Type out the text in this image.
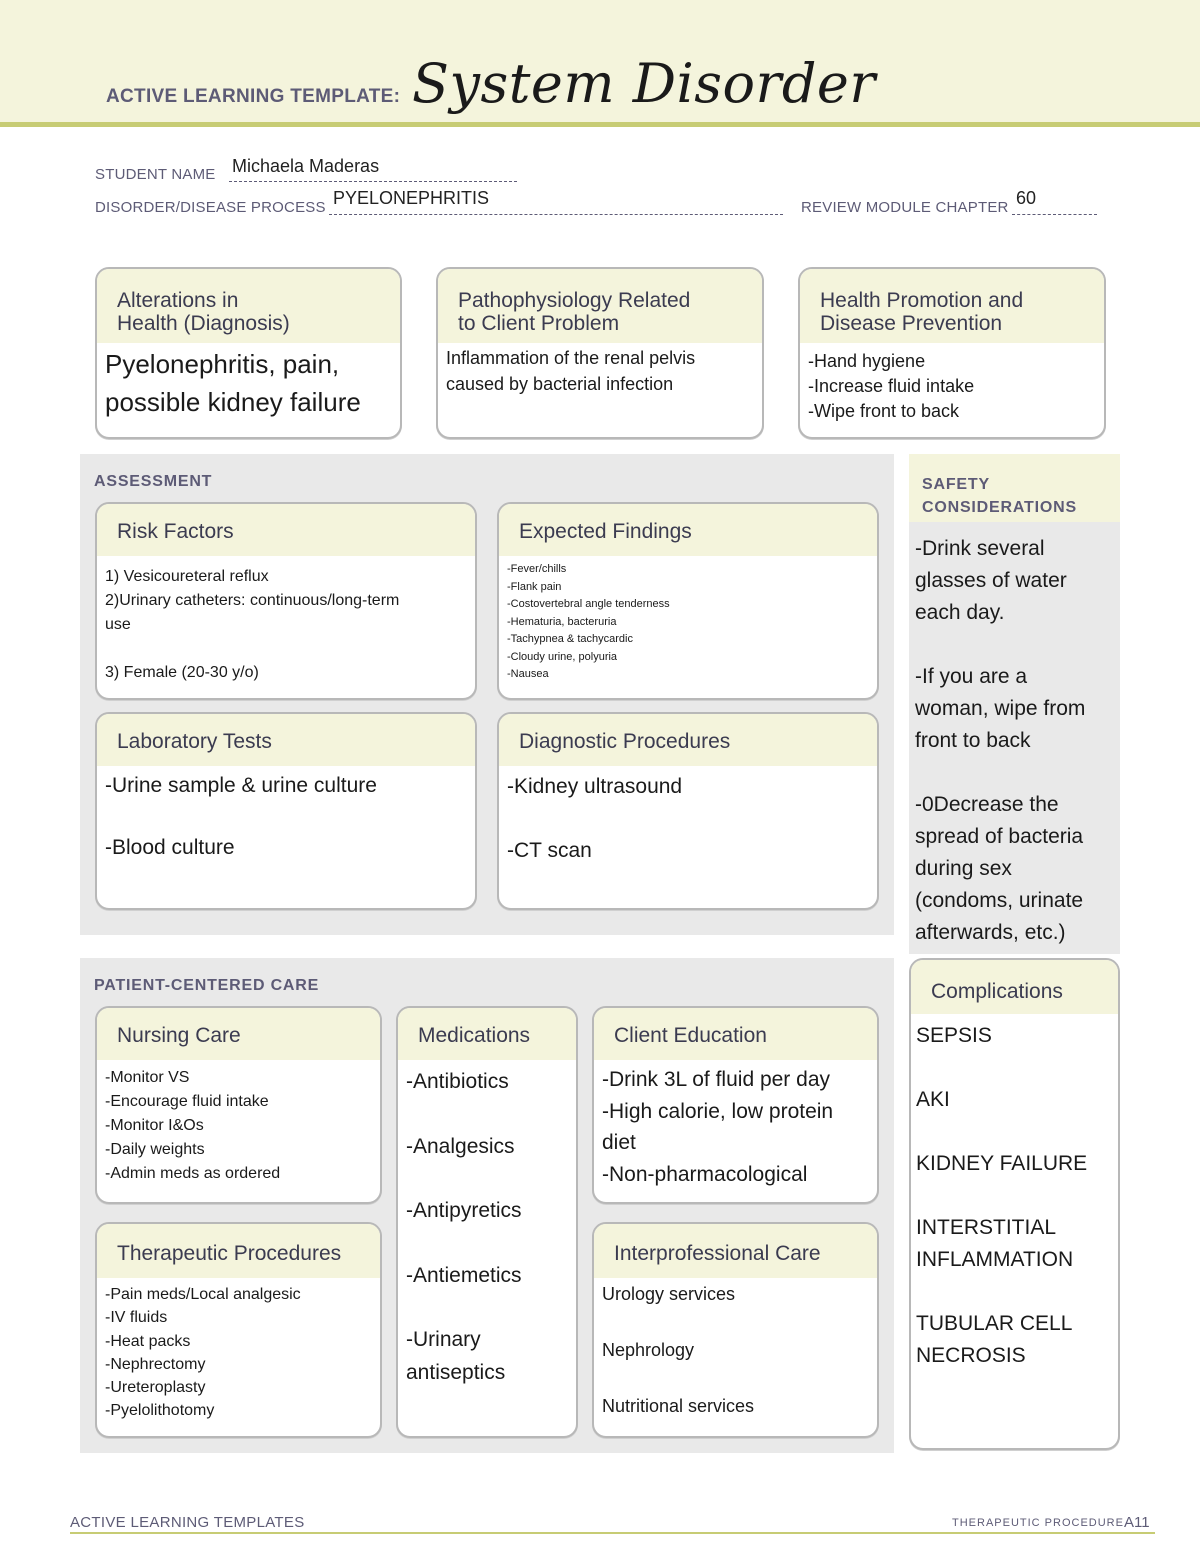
ACTIVE LEARNING TEMPLATE: System Disorder
STUDENT NAME Michaela Maderas
DISORDER/DISEASE PROCESS PYELONEPHRITIS	REVIEW MODULE CHAPTER 60
Alterations in
Health (Diagnosis)
Pyelonephritis, pain,
possible kidney failure
Pathophysiology Related
to Client Problem
Inflammation of the renal pelvis
caused by bacterial infection
Health Promotion and
Disease Prevention
-Hand hygiene
-Increase fluid intake
-Wipe front to back
ASSESSMENT
Risk Factors
1) Vesicoureteral reflux
2)Urinary catheters: continuous/long-term
use

3) Female (20-30 y/o)
Expected Findings
-Fever/chills
-Flank pain
-Costovertebral angle tenderness
-Hematuria, bacteruria
-Tachypnea & tachycardic
-Cloudy urine, polyuria
-Nausea
Laboratory Tests
-Urine sample & urine culture

-Blood culture
Diagnostic Procedures
-Kidney ultrasound

-CT scan
SAFETY
CONSIDERATIONS
-Drink several
glasses of water
each day.

-If you are a
woman, wipe from
front to back

-0Decrease the
spread of bacteria
during sex
(condoms, urinate
afterwards, etc.)
PATIENT-CENTERED CARE
Nursing Care
-Monitor VS
-Encourage fluid intake
-Monitor I&Os
-Daily weights
-Admin meds as ordered
Medications
-Antibiotics

-Analgesics

-Antipyretics

-Antiemetics

-Urinary
antiseptics
Client Education
-Drink 3L of fluid per day
-High calorie, low protein
diet
-Non-pharmacological
Therapeutic Procedures
-Pain meds/Local analgesic
-IV fluids
-Heat packs
-Nephrectomy
-Ureteroplasty
-Pyelolithotomy
Interprofessional Care
Urology services

Nephrology

Nutritional services
Complications
SEPSIS

AKI

KIDNEY FAILURE

INTERSTITIAL
INFLAMMATION

TUBULAR CELL
NECROSIS
ACTIVE LEARNING TEMPLATES	THERAPEUTIC PROCEDURE A11
